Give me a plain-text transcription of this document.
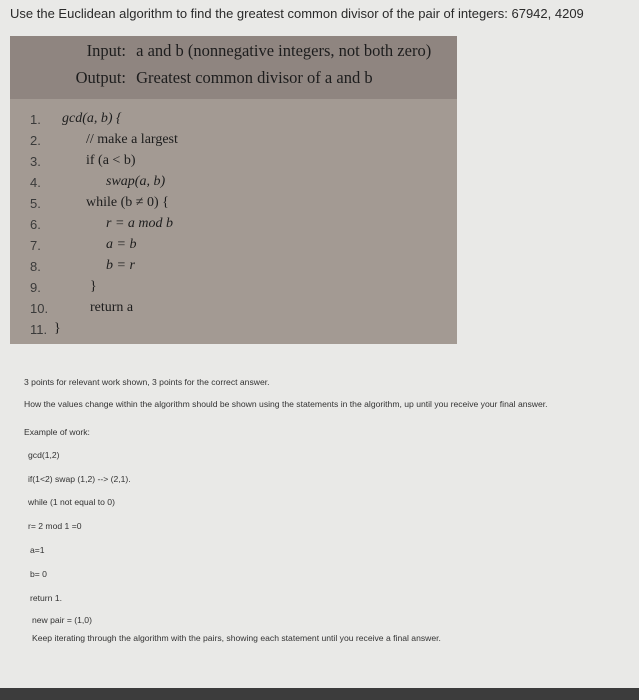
Use the Euclidean algorithm to find the greatest common divisor of the pair of integers: 67942, 4209
Input: a and b (nonnegative integers, not both zero)
Output: Greatest common divisor of a and b
1.
2.
3.
4.
5.
6.
7.
8.
9.
10.
11.
gcd(a, b) {
// make a largest
if (a < b)
swap(a, b)
while (b ≠ 0) {
r = a mod b
a = b
b = r
}
return a
}
3 points for relevant work shown, 3 points for the correct answer.
How the values change within the algorithm should be shown using the statements in the algorithm, up until you receive your final answer.
Example of work:
gcd(1,2)
if(1<2) swap (1,2) --> (2,1).
while (1 not equal to 0)
r= 2 mod 1 =0
a=1
b= 0
return 1.
new pair = (1,0)
Keep iterating through the algorithm with the pairs, showing each statement until you receive a final answer.
